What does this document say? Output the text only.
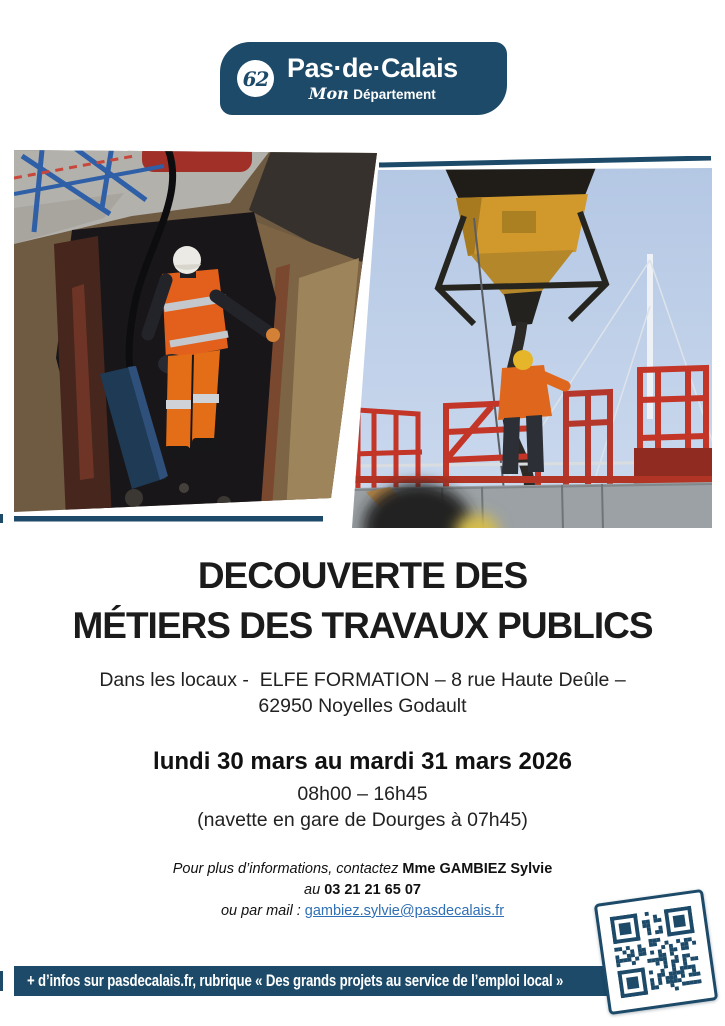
62 Pas·de·Calais
Mon Département
DECOUVERTE DES
MÉTIERS DES TRAVAUX PUBLICS

Dans les locaux -  ELFE FORMATION – 8 rue Haute Deûle –
62950 Noyelles Godault

lundi 30 mars au mardi 31 mars 2026

08h00 – 16h45

(navette en gare de Dourges à 07h45)

Pour plus d’informations, contactez Mme GAMBIEZ Sylvie
au 03 21 21 65 07
ou par mail : gambiez.sylvie@pasdecalais.fr
+ d’infos sur pasdecalais.fr, rubrique « Des grands projets au service de l’emploi local »
